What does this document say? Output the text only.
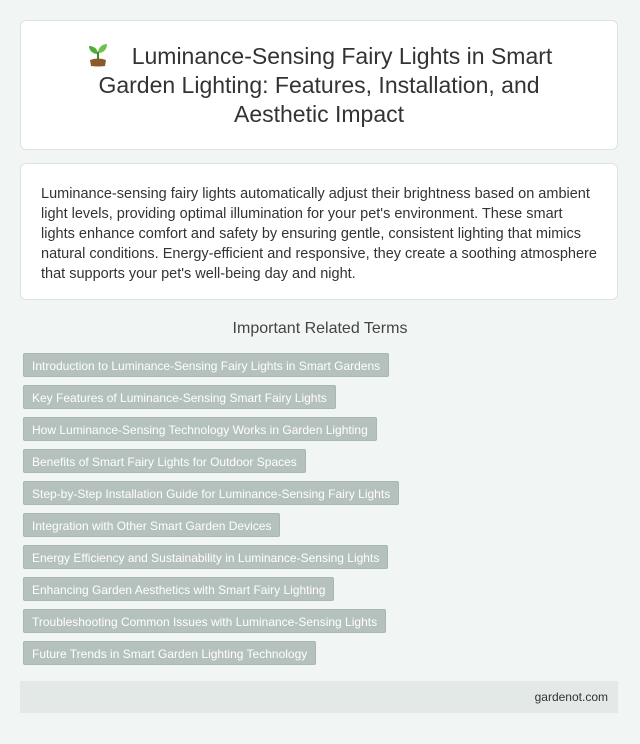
Luminance-Sensing Fairy Lights in Smart Garden Lighting: Features, Installation, and Aesthetic Impact

Luminance-sensing fairy lights automatically adjust their brightness based on ambient light levels, providing optimal illumination for your pet's environment. These smart lights enhance comfort and safety by ensuring gentle, consistent lighting that mimics natural conditions. Energy-efficient and responsive, they create a soothing atmosphere that supports your pet's well-being day and night.

Important Related Terms
Introduction to Luminance-Sensing Fairy Lights in Smart Gardens
Key Features of Luminance-Sensing Smart Fairy Lights
How Luminance-Sensing Technology Works in Garden Lighting
Benefits of Smart Fairy Lights for Outdoor Spaces
Step-by-Step Installation Guide for Luminance-Sensing Fairy Lights
Integration with Other Smart Garden Devices
Energy Efficiency and Sustainability in Luminance-Sensing Lights
Enhancing Garden Aesthetics with Smart Fairy Lighting
Troubleshooting Common Issues with Luminance-Sensing Lights
Future Trends in Smart Garden Lighting Technology
gardenot.com
